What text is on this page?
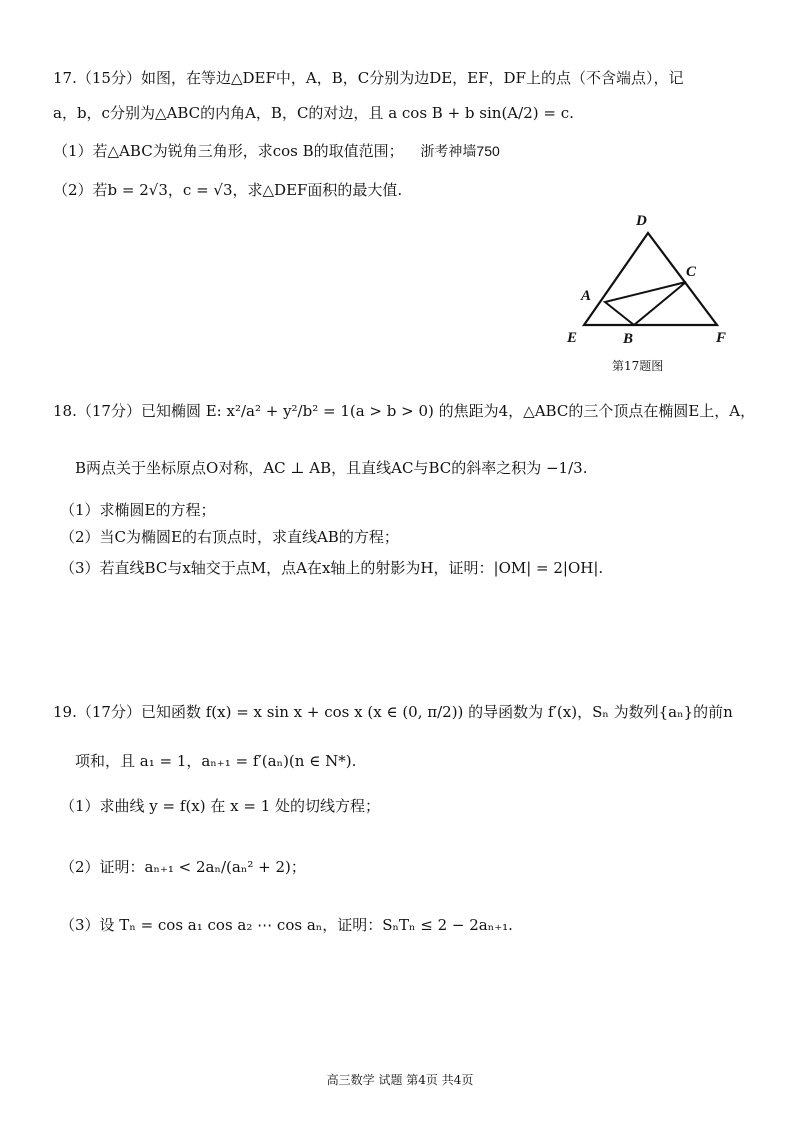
17.（15分）如图，在等边△DEF中，A，B，C分别为边DE，EF，DF上的点（不含端点），记
a，b，c分别为△ABC的内角A，B，C的对边，且 a cos B + b sin(A/2) = c.
（1）若△ABC为锐角三角形，求cos B的取值范围； 浙考神墙750
（2）若b = 2√3，c = √3，求△DEF面积的最大值.
D
E	F
A
B
C
第17题图
18.（17分）已知椭圆 E: x²/a² + y²/b² = 1(a > b > 0) 的焦距为4，△ABC的三个顶点在椭圆E上，A，
B两点关于坐标原点O对称，AC ⊥ AB，且直线AC与BC的斜率之积为 −1/3.
（1）求椭圆E的方程；
（2）当C为椭圆E的右顶点时，求直线AB的方程；
（3）若直线BC与x轴交于点M，点A在x轴上的射影为H，证明：|OM| = 2|OH|.
19.（17分）已知函数 f(x) = x sin x + cos x (x ∈ (0, π/2)) 的导函数为 f′(x)，Sₙ 为数列{aₙ}的前n
项和，且 a₁ = 1，aₙ₊₁ = f′(aₙ)(n ∈ N*).
（1）求曲线 y = f(x) 在 x = 1 处的切线方程；
（2）证明：aₙ₊₁ < 2aₙ/(aₙ² + 2)；
（3）设 Tₙ = cos a₁ cos a₂ ⋯ cos aₙ，证明：SₙTₙ ≤ 2 − 2aₙ₊₁.
高三数学 试题 第4页 共4页
